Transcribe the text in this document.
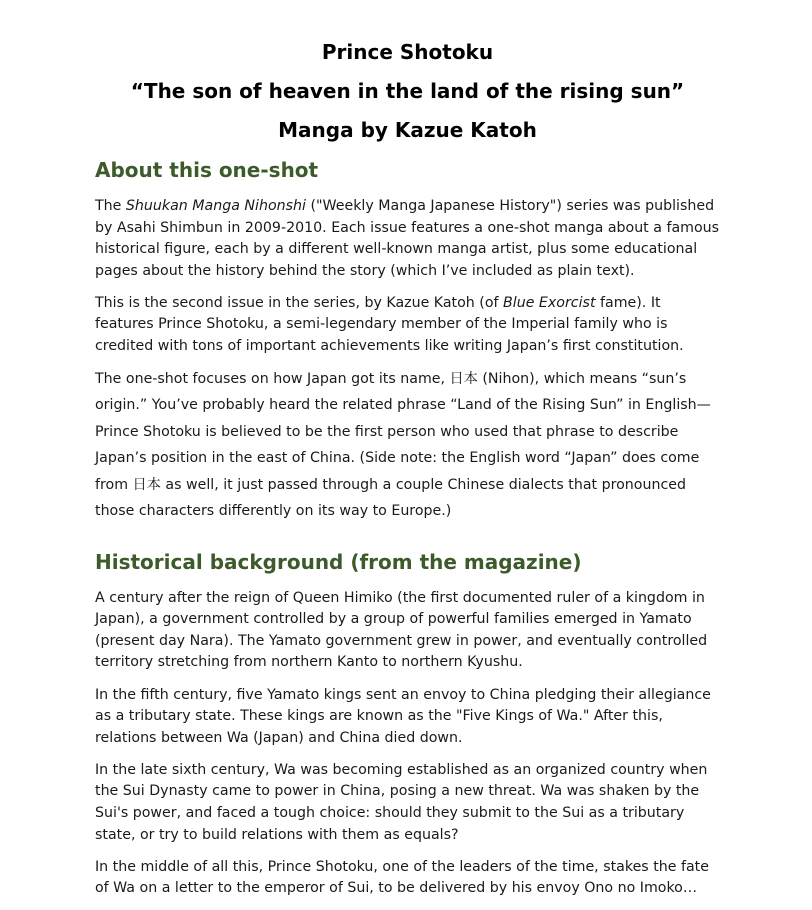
Prince Shotoku
“The son of heaven in the land of the rising sun”
Manga by Kazue Katoh
About this one-shot

The Shuukan Manga Nihonshi ("Weekly Manga Japanese History") series was published by Asahi Shimbun in 2009-2010. Each issue features a one-shot manga about a famous historical figure, each by a different well-known manga artist, plus some educational pages about the history behind the story (which I’ve included as plain text).

This is the second issue in the series, by Kazue Katoh (of Blue Exorcist fame). It features Prince Shotoku, a semi-legendary member of the Imperial family who is credited with tons of important achievements like writing Japan’s first constitution.

The one-shot focuses on how Japan got its name, 日本 (Nihon), which means “sun’s origin.” You’ve probably heard the related phrase “Land of the Rising Sun” in English—Prince Shotoku is believed to be the first person who used that phrase to describe Japan’s position in the east of China. (Side note: the English word “Japan” does come from 日本 as well, it just passed through a couple Chinese dialects that pronounced those characters differently on its way to Europe.)

Historical background (from the magazine)

A century after the reign of Queen Himiko (the first documented ruler of a kingdom in Japan), a government controlled by a group of powerful families emerged in Yamato (present day Nara). The Yamato government grew in power, and eventually controlled territory stretching from northern Kanto to northern Kyushu.

In the fifth century, five Yamato kings sent an envoy to China pledging their allegiance as a tributary state. These kings are known as the "Five Kings of Wa." After this, relations between Wa (Japan) and China died down.

In the late sixth century, Wa was becoming established as an organized country when the Sui Dynasty came to power in China, posing a new threat. Wa was shaken by the Sui's power, and faced a tough choice: should they submit to the Sui as a tributary state, or try to build relations with them as equals?

In the middle of all this, Prince Shotoku, one of the leaders of the time, stakes the fate of Wa on a letter to the emperor of Sui, to be delivered by his envoy Ono no Imoko…
